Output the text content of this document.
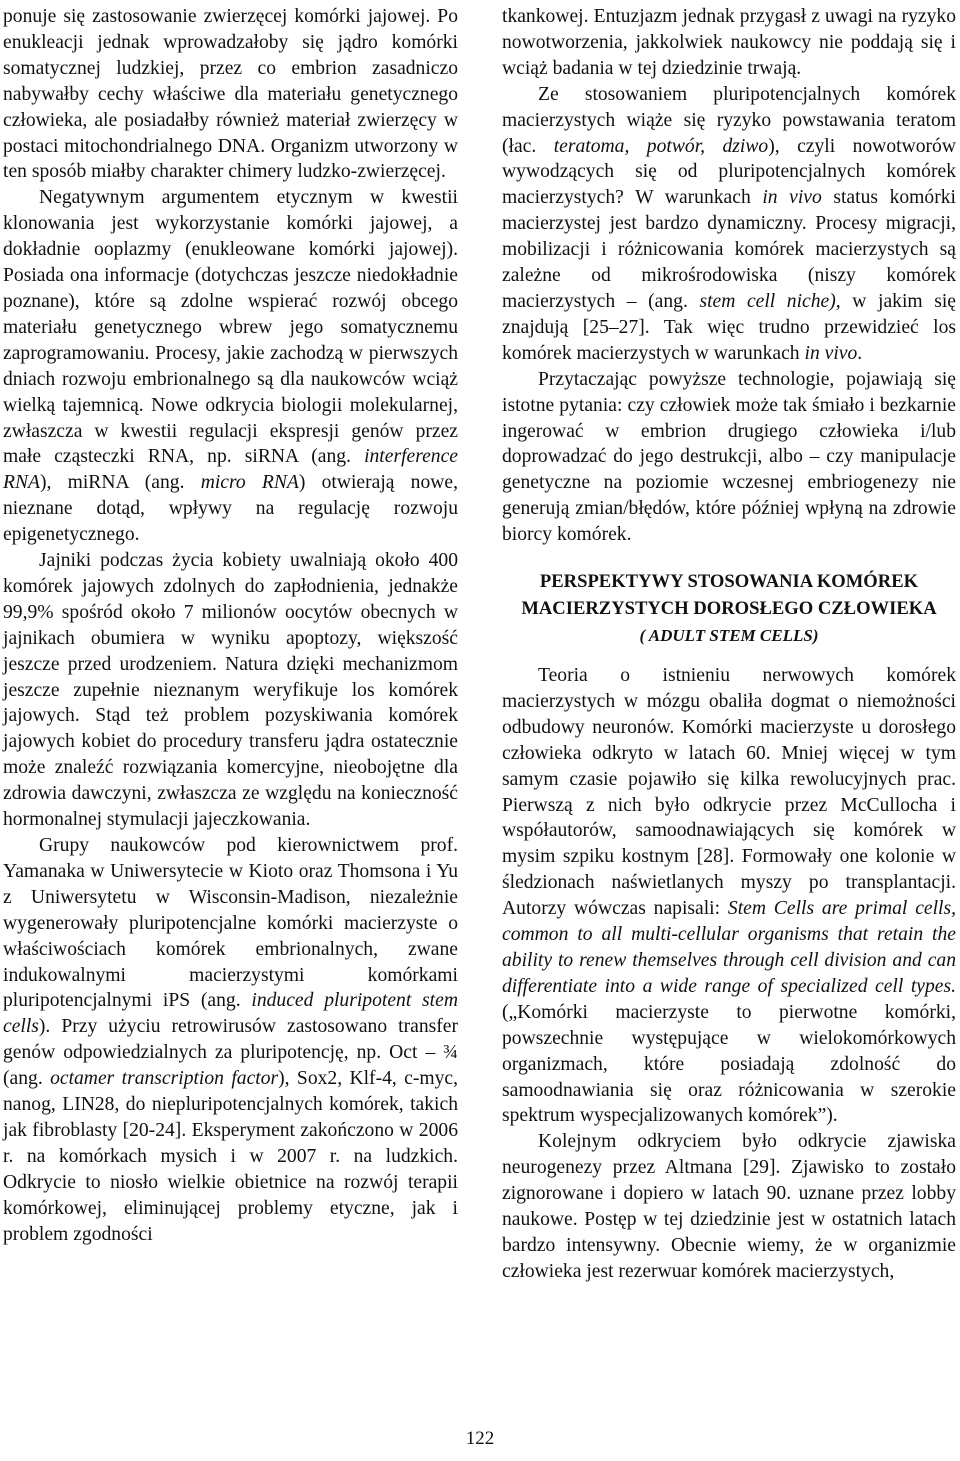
ponuje się zastosowanie zwierzęcej komórki jajowej. Po enukleacji jednak wprowadzałoby się jądro komórki somatycznej ludzkiej, przez co embrion zasadniczo nabywałby cechy właściwe dla materiału genetycznego człowieka, ale posiadałby również materiał zwierzęcy w postaci mitochondrialnego DNA. Organizm utworzony w ten sposób miałby charakter chimery ludzko-zwierzęcej.

Negatywnym argumentem etycznym w kwestii klonowania jest wykorzystanie komórki jajowej, a dokładnie ooplazmy (enukleowane komórki jajowej). Posiada ona informacje (dotychczas jeszcze niedokładnie poznane), które są zdolne wspierać rozwój obcego materiału genetycznego wbrew jego somatycznemu zaprogramowaniu. Procesy, jakie zachodzą w pierwszych dniach rozwoju embrionalnego są dla naukowców wciąż wielką tajemnicą. Nowe odkrycia biologii molekularnej, zwłaszcza w kwestii regulacji ekspresji genów przez małe cząsteczki RNA, np. siRNA (ang. interference RNA), miRNA (ang. micro RNA) otwierają nowe, nieznane dotąd, wpływy na regulację rozwoju epigenetycznego.

Jajniki podczas życia kobiety uwalniają około 400 komórek jajowych zdolnych do zapłodnienia, jednakże 99,9% spośród około 7 milionów oocytów obecnych w jajnikach obumiera w wyniku apoptozy, większość jeszcze przed urodzeniem. Natura dzięki mechanizmom jeszcze zupełnie nieznanym weryfikuje los komórek jajowych. Stąd też problem pozyskiwania komórek jajowych kobiet do procedury transferu jądra ostatecznie może znaleźć rozwiązania komercyjne, nieobojętne dla zdrowia dawczyni, zwłaszcza ze względu na konieczność hormonalnej stymulacji jajeczkowania.

Grupy naukowców pod kierownictwem prof. Yamanaka w Uniwersytecie w Kioto oraz Thomsona i Yu z Uniwersytetu w Wisconsin-Madison, niezależnie wygenerowały pluripotencjalne komórki macierzyste o właściwościach komórek embrionalnych, zwane indukowalnymi macierzystymi komórkami pluripotencjalnymi iPS (ang. induced pluripotent stem cells). Przy użyciu retrowirusów zastosowano transfer genów odpowiedzialnych za pluripotencję, np. Oct – ¾ (ang. octamer transcription factor), Sox2, Klf-4, c-myc, nanog, LIN28, do niepluripotencjalnych komórek, takich jak fibroblasty [20-24]. Eksperyment zakończono w 2006 r. na komórkach mysich i w 2007 r. na ludzkich. Odkrycie to niosło wielkie obietnice na rozwój terapii komórkowej, eliminującej problemy etyczne, jak i problem zgodności

tkankowej. Entuzjazm jednak przygasł z uwagi na ryzyko nowotworzenia, jakkolwiek naukowcy nie poddają się i wciąż badania w tej dziedzinie trwają.

Ze stosowaniem pluripotencjalnych komórek macierzystych wiąże się ryzyko powstawania teratom (łac. teratoma, potwór, dziwo), czyli nowotworów wywodzących się od pluripotencjalnych komórek macierzystych? W warunkach in vivo status komórki macierzystej jest bardzo dynamiczny. Procesy migracji, mobilizacji i różnicowania komórek macierzystych są zależne od mikrośrodowiska (niszy komórek macierzystych – (ang. stem cell niche), w jakim się znajdują [25–27]. Tak więc trudno przewidzieć los komórek macierzystych w warunkach in vivo.

Przytaczając powyższe technologie, pojawiają się istotne pytania: czy człowiek może tak śmiało i bezkarnie ingerować w embrion drugiego człowieka i/lub doprowadzać do jego destrukcji, albo – czy manipulacje genetyczne na poziomie wczesnej embriogenezy nie generują zmian/błędów, które później wpłyną na zdrowie biorcy komórek.

PERSPEKTYWY STOSOWANIA KOMÓREK
MACIERZYSTYCH DOROSŁEGO CZŁOWIEKA
( ADULT STEM CELLS)

Teoria o istnieniu nerwowych komórek macierzystych w mózgu obaliła dogmat o niemożności odbudowy neuronów. Komórki macierzyste u dorosłego człowieka odkryto w latach 60. Mniej więcej w tym samym czasie pojawiło się kilka rewolucyjnych prac. Pierwszą z nich było odkrycie przez McCullocha i współautorów, samoodnawiających się komórek w mysim szpiku kostnym [28]. Formowały one kolonie w śledzionach naświetlanych myszy po transplantacji. Autorzy wówczas napisali: Stem Cells are primal cells, common to all multi-cellular organisms that retain the ability to renew themselves through cell division and can differentiate into a wide range of specialized cell types. („Komórki macierzyste to pierwotne komórki, powszechnie występujące w wielokomórkowych organizmach, które posiadają zdolność do samoodnawiania się oraz różnicowania w szerokie spektrum wyspecjalizowanych komórek”).

Kolejnym odkryciem było odkrycie zjawiska neurogenezy przez Altmana [29]. Zjawisko to zostało zignorowane i dopiero w latach 90. uznane przez lobby naukowe. Postęp w tej dziedzinie jest w ostatnich latach bardzo intensywny. Obecnie wiemy, że w organizmie człowieka jest rezerwuar komórek macierzystych,

122
